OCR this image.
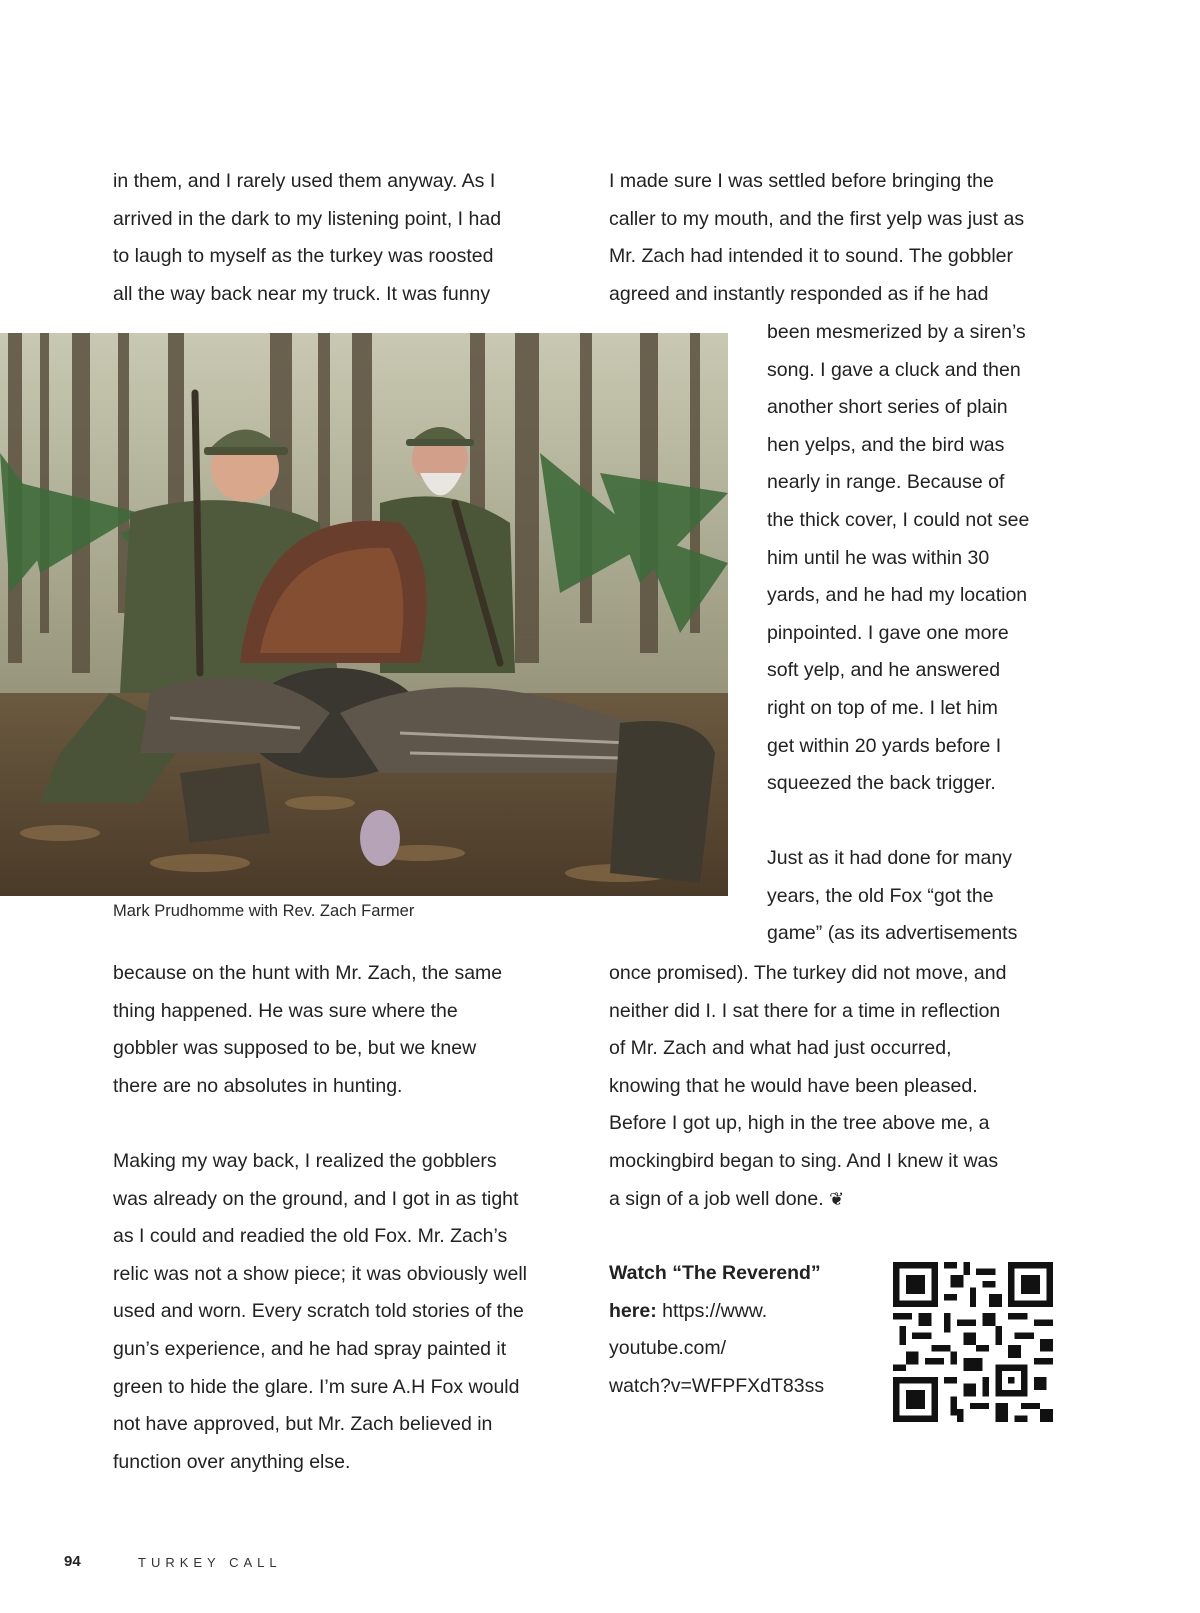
in them, and I rarely used them anyway. As I
arrived in the dark to my listening point, I had
to laugh to myself as the turkey was roosted
all the way back near my truck. It was funny

Mark Prudhomme with Rev. Zach Farmer

because on the hunt with Mr. Zach, the same
thing happened. He was sure where the
gobbler was supposed to be, but we knew
there are no absolutes in hunting.

Making my way back, I realized the gobblers
was already on the ground, and I got in as tight
as I could and readied the old Fox. Mr. Zach’s
relic was not a show piece; it was obviously well
used and worn. Every scratch told stories of the
gun’s experience, and he had spray painted it
green to hide the glare. I’m sure A.H Fox would
not have approved, but Mr. Zach believed in
function over anything else.

I made sure I was settled before bringing the
caller to my mouth, and the first yelp was just as
Mr. Zach had intended it to sound. The gobbler
agreed and instantly responded as if he had

been mesmerized by a siren’s
song. I gave a cluck and then
another short series of plain
hen yelps, and the bird was
nearly in range. Because of
the thick cover, I could not see
him until he was within 30
yards, and he had my location
pinpointed. I gave one more
soft yelp, and he answered
right on top of me. I let him
get within 20 yards before I
squeezed the back trigger.

Just as it had done for many
years, the old Fox “got the
game” (as its advertisements

once promised). The turkey did not move, and
neither did I. I sat there for a time in reflection
of Mr. Zach and what had just occurred,
knowing that he would have been pleased.
Before I got up, high in the tree above me, a
mockingbird began to sing. And I knew it was
a sign of a job well done. ❦

Watch “The Reverend”
here: https://www.
youtube.com/
watch?v=WFPFXdT83ss
94	TURKEY CALL
